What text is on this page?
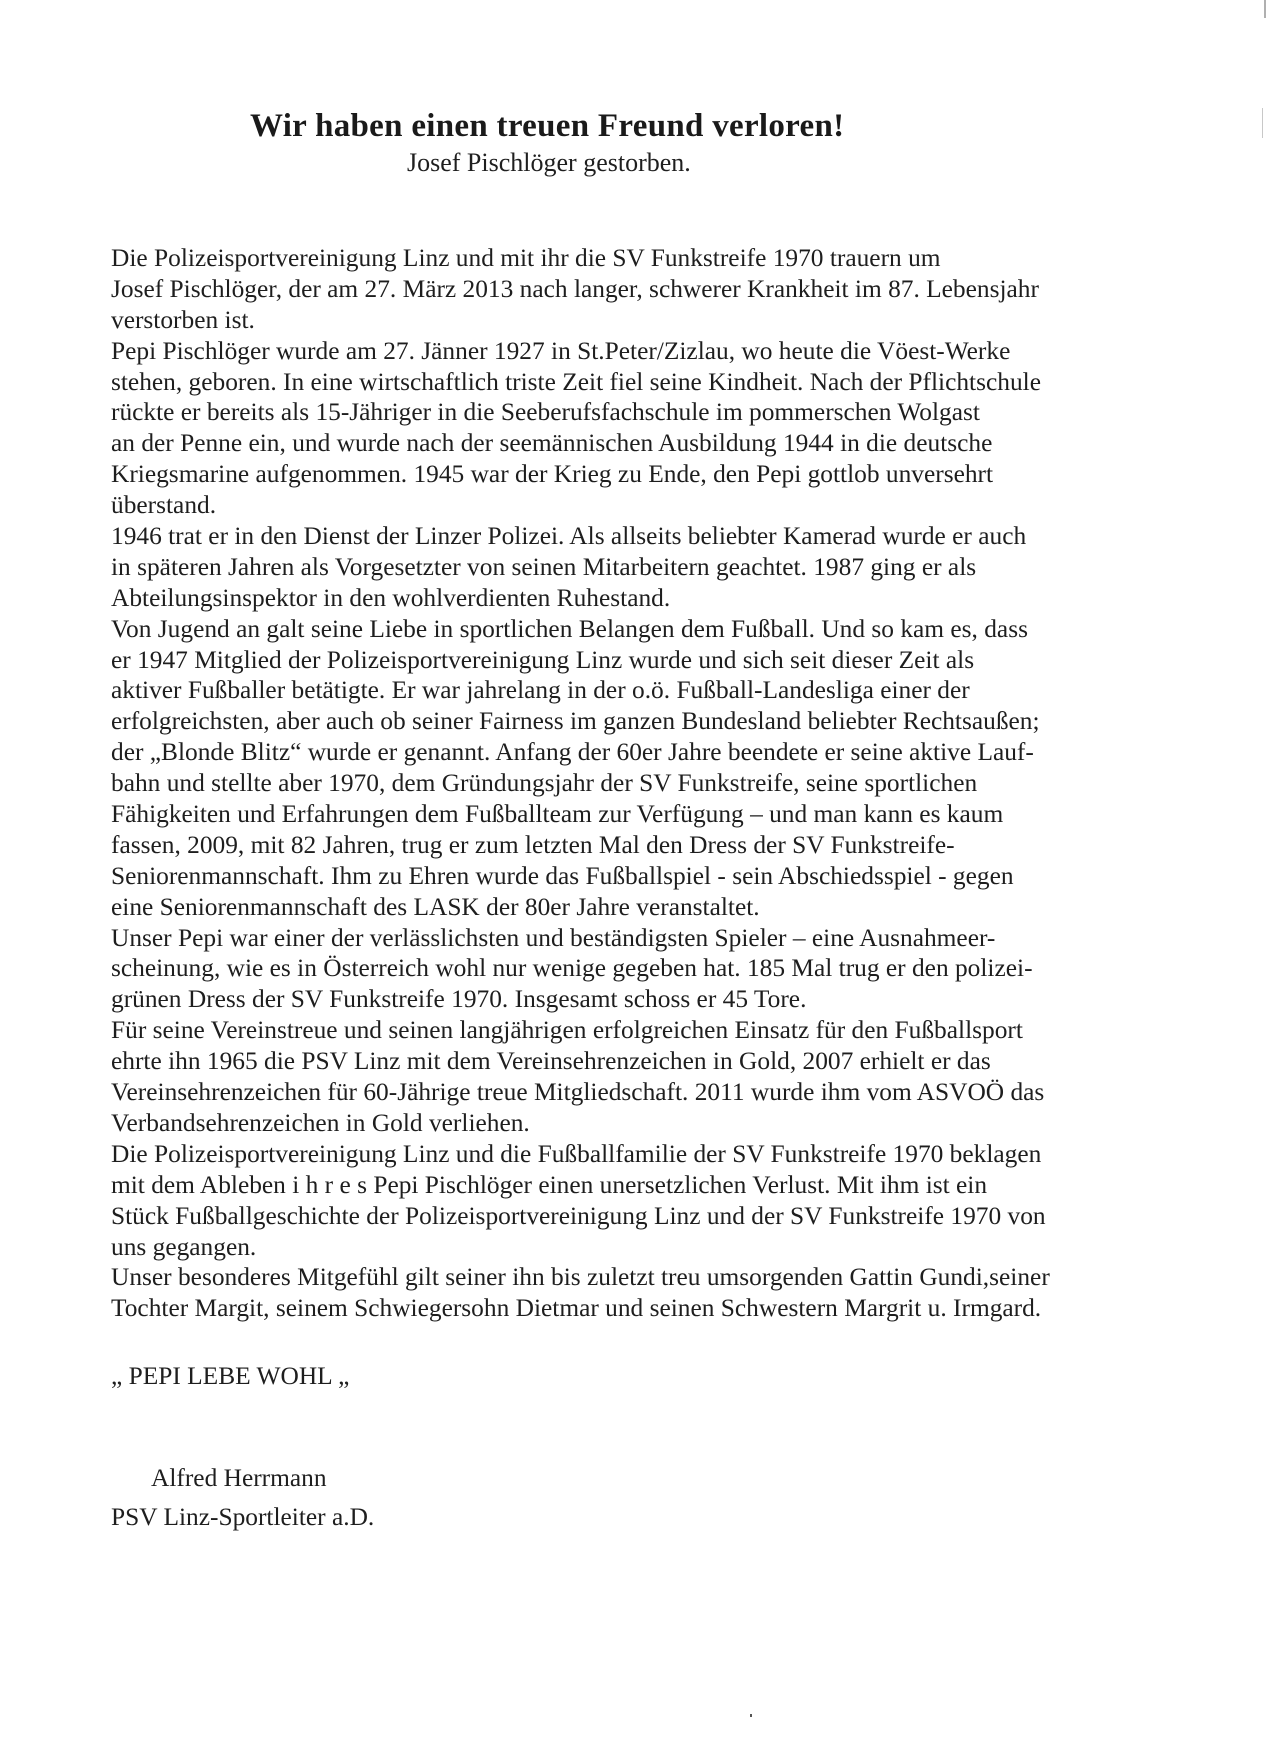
Wir haben einen treuen Freund verloren!
Josef Pischlöger gestorben.
Die Polizeisportvereinigung Linz und mit ihr die SV Funkstreife 1970 trauern um
Josef Pischlöger, der am 27. März 2013 nach langer, schwerer Krankheit im 87. Lebensjahr
verstorben ist.
Pepi Pischlöger wurde am 27. Jänner 1927 in St.Peter/Zizlau, wo heute die Vöest-Werke
stehen, geboren. In eine wirtschaftlich triste Zeit fiel seine Kindheit. Nach der Pflichtschule
rückte er bereits als 15-Jähriger in die Seeberufsfachschule im pommerschen Wolgast
an der Penne ein, und wurde nach der seemännischen Ausbildung 1944 in die deutsche
Kriegsmarine aufgenommen. 1945 war der Krieg zu Ende, den Pepi gottlob unversehrt
überstand.
1946 trat er in den Dienst der Linzer Polizei. Als allseits beliebter Kamerad wurde er auch
in späteren Jahren als Vorgesetzter von seinen Mitarbeitern geachtet. 1987 ging er als
Abteilungsinspektor in den wohlverdienten Ruhestand.
Von Jugend an galt seine Liebe in sportlichen Belangen dem Fußball. Und so kam es, dass
er 1947 Mitglied der Polizeisportvereinigung Linz wurde und sich seit dieser Zeit als
aktiver Fußballer betätigte. Er war jahrelang in der o.ö. Fußball-Landesliga einer der
erfolgreichsten, aber auch ob seiner Fairness im ganzen Bundesland beliebter Rechtsaußen;
der „Blonde Blitz“ wurde er genannt. Anfang der 60er Jahre beendete er seine aktive Lauf-
bahn und stellte aber 1970, dem Gründungsjahr der SV Funkstreife, seine sportlichen
Fähigkeiten und Erfahrungen dem Fußballteam zur Verfügung – und man kann es kaum
fassen, 2009, mit 82 Jahren, trug er zum letzten Mal den Dress der SV Funkstreife-
Seniorenmannschaft. Ihm zu Ehren wurde das Fußballspiel - sein Abschiedsspiel - gegen
eine Seniorenmannschaft des LASK der 80er Jahre veranstaltet.
Unser Pepi war einer der verlässlichsten und beständigsten Spieler – eine Ausnahmeer-
scheinung, wie es in Österreich wohl nur wenige gegeben hat. 185 Mal trug er den polizei-
grünen Dress der SV Funkstreife 1970. Insgesamt schoss er 45 Tore.
Für seine Vereinstreue und seinen langjährigen erfolgreichen Einsatz für den Fußballsport
ehrte ihn 1965 die PSV Linz mit dem Vereinsehrenzeichen in Gold, 2007 erhielt er das
Vereinsehrenzeichen für 60-Jährige treue Mitgliedschaft. 2011 wurde ihm vom ASVOÖ das
Verbandsehrenzeichen in Gold verliehen.
Die Polizeisportvereinigung Linz und die Fußballfamilie der SV Funkstreife 1970 beklagen
mit dem Ableben i h r e s Pepi Pischlöger einen unersetzlichen Verlust. Mit ihm ist ein
Stück Fußballgeschichte der Polizeisportvereinigung Linz und der SV Funkstreife 1970 von
uns gegangen.
Unser besonderes Mitgefühl gilt seiner ihn bis zuletzt treu umsorgenden Gattin Gundi,seiner
Tochter Margit, seinem Schwiegersohn Dietmar und seinen Schwestern Margrit u. Irmgard.
„ PEPI LEBE WOHL „
Alfred Herrmann
PSV Linz-Sportleiter a.D.
